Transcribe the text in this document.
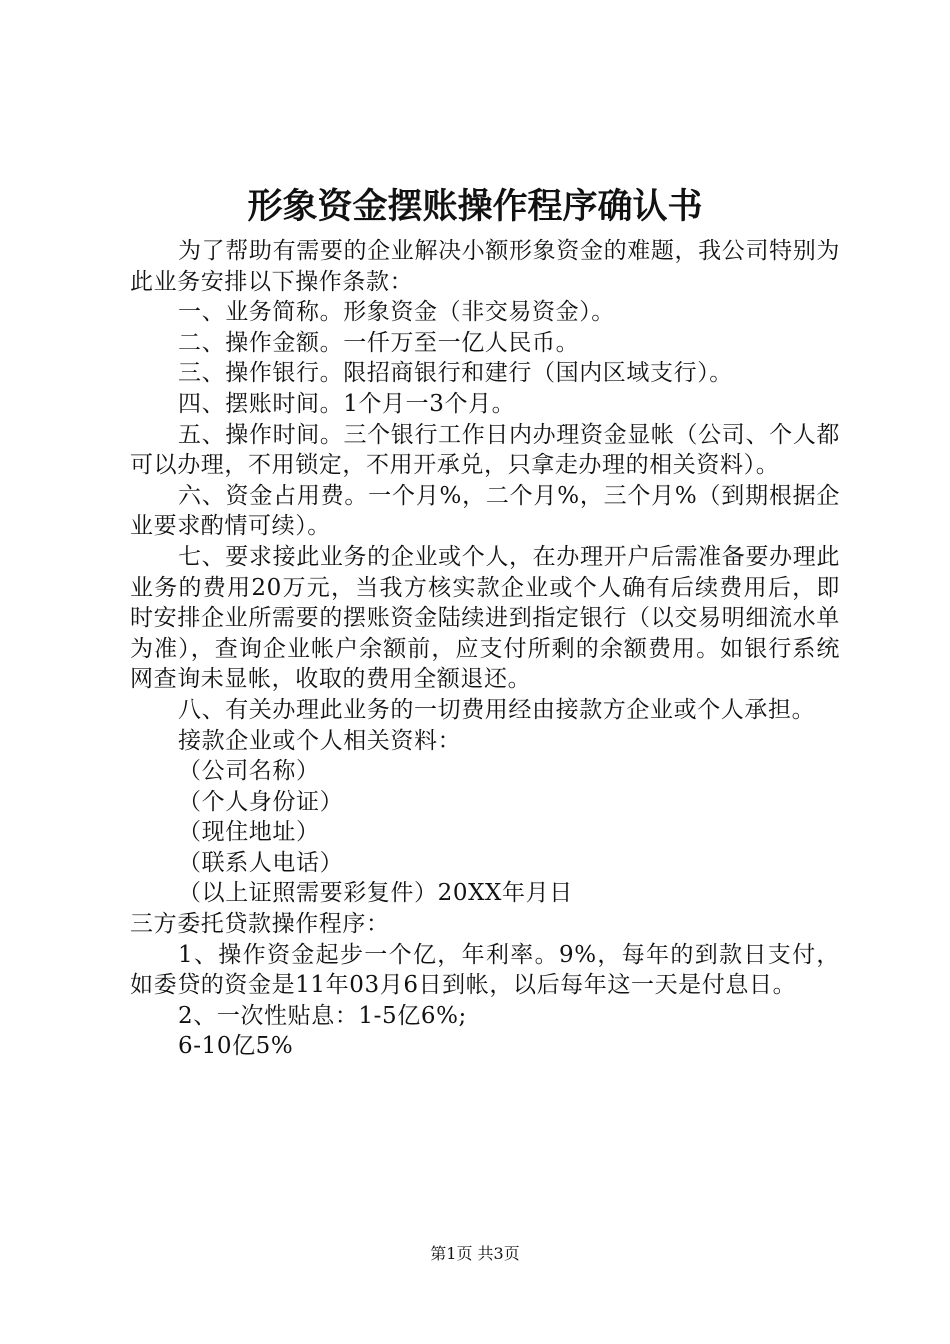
形象资金摆账操作程序确认书

为了帮助有需要的企业解决小额形象资金的难题，我公司特别为此业务安排以下操作条款：

一、业务简称。形象资金（非交易资金）。

二、操作金额。一仟万至一亿人民币。

三、操作银行。限招商银行和建行（国内区域支行）。

四、摆账时间。1个月一3个月。

五、操作时间。三个银行工作日内办理资金显帐（公司、个人都可以办理，不用锁定，不用开承兑，只拿走办理的相关资料）。

六、资金占用费。一个月%，二个月%，三个月%（到期根据企业要求酌情可续）。

七、要求接此业务的企业或个人，在办理开户后需准备要办理此业务的费用20万元，当我方核实款企业或个人确有后续费用后，即时安排企业所需要的摆账资金陆续进到指定银行（以交易明细流水单为准），查询企业帐户余额前，应支付所剩的余额费用。如银行系统网查询未显帐，收取的费用全额退还。

八、有关办理此业务的一切费用经由接款方企业或个人承担。

接款企业或个人相关资料：

（公司名称）

（个人身份证）

（现住地址）

（联系人电话）

（以上证照需要彩复件）20XX年月日

三方委托贷款操作程序：

1、操作资金起步一个亿，年利率。9%，每年的到款日支付，如委贷的资金是11年03月6日到帐，以后每年这一天是付息日。

2、一次性贴息：1-5亿6%;

6-10亿5%

第1页 共3页
